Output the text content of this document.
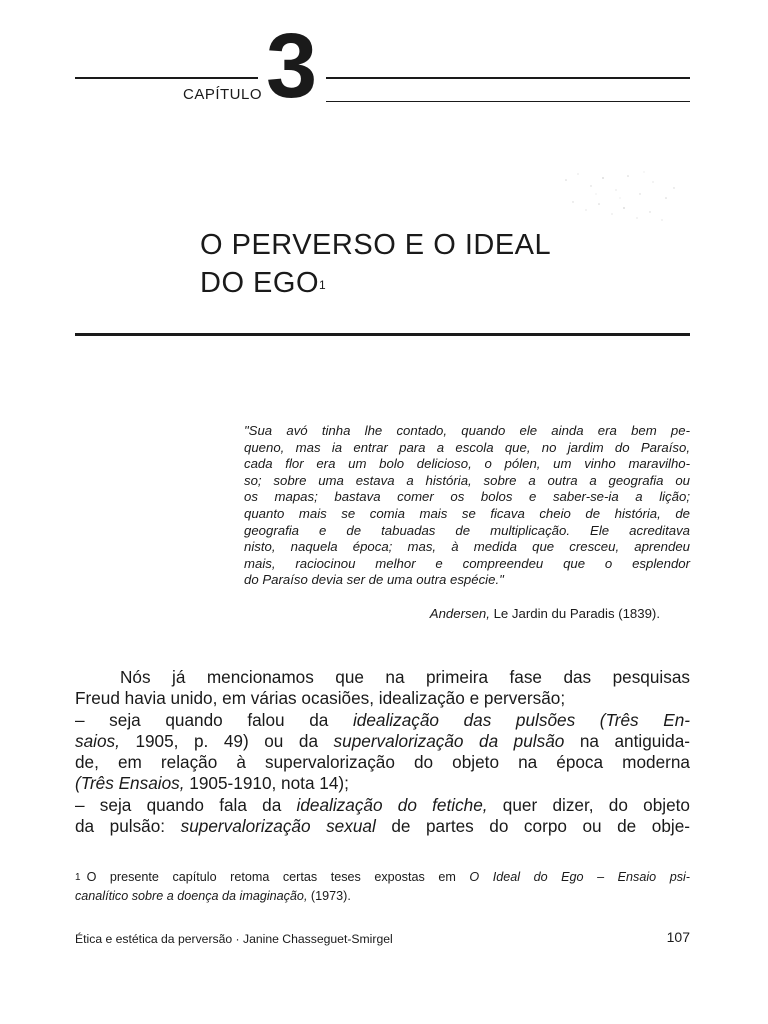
CAPÍTULO 3
O PERVERSO E O IDEAL
DO EGO$^1$
"Sua avó tinha lhe contado, quando ele ainda era bem pe-
queno, mas ia entrar para a escola que, no jardim do Paraíso,
cada flor era um bolo delicioso, o pólen, um vinho maravilho-
so; sobre uma estava a história, sobre a outra a geografia ou
os mapas; bastava comer os bolos e saber-se-ia a lição;
quanto mais se comia mais se ficava cheio de história, de
geografia e de tabuadas de multiplicação. Ele acreditava
nisto, naquela época; mas, à medida que cresceu, aprendeu
mais, raciocinou melhor e compreendeu que o esplendor
do Paraíso devia ser de uma outra espécie."
Andersen, Le Jardin du Paradis (1839).
Nós já mencionamos que na primeira fase das pesquisas
Freud havia unido, em várias ocasiões, idealização e perversão;
– seja quando falou da idealização das pulsões (Três En-
saios, 1905, p. 49) ou da supervalorização da pulsão na antiguida-
de, em relação à supervalorização do objeto na época moderna
(Três Ensaios, 1905-1910, nota 14);
– seja quando fala da idealização do fetiche, quer dizer, do objeto
da pulsão: supervalorização sexual de partes do corpo ou de obje-
$^1$ O presente capítulo retoma certas teses expostas em O Ideal do Ego – Ensaio psi-
canalítico sobre a doença da imaginação, (1973).
Ética e estética da perversão · Janine Chasseguet-Smirgel	107
